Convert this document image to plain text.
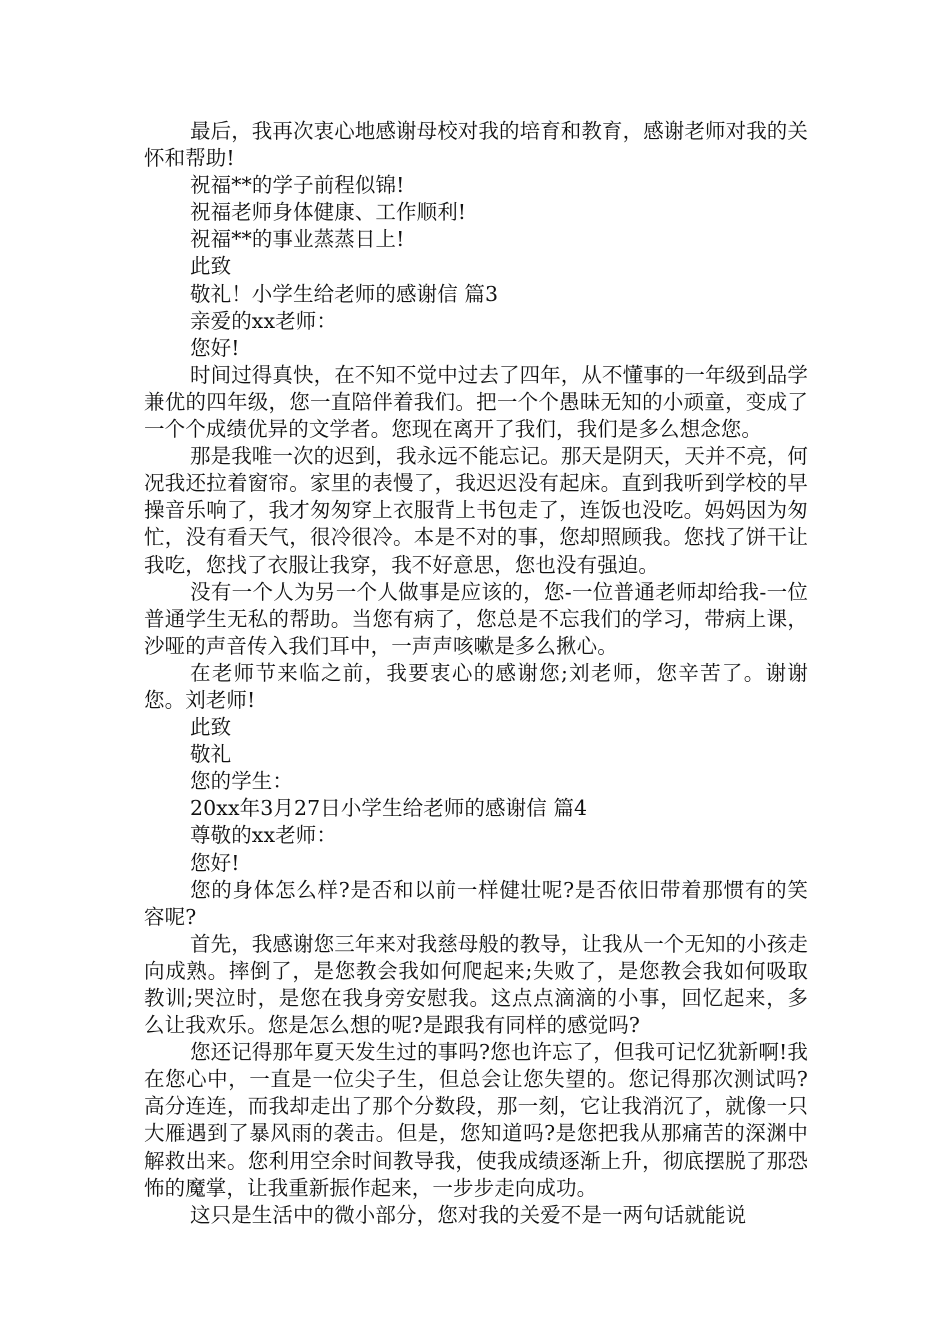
最后，我再次衷心地感谢母校对我的培育和教育，感谢老师对我的关怀和帮助!

祝福**的学子前程似锦!

祝福老师身体健康、工作顺利!

祝福**的事业蒸蒸日上!

此致

敬礼！小学生给老师的感谢信 篇3

亲爱的xx老师：

您好!

时间过得真快，在不知不觉中过去了四年，从不懂事的一年级到品学兼优的四年级，您一直陪伴着我们。把一个个愚昧无知的小顽童，变成了一个个成绩优异的文学者。您现在离开了我们，我们是多么想念您。

那是我唯一次的迟到，我永远不能忘记。那天是阴天，天并不亮，何况我还拉着窗帘。家里的表慢了，我迟迟没有起床。直到我听到学校的早操音乐响了，我才匆匆穿上衣服背上书包走了，连饭也没吃。妈妈因为匆忙，没有看天气，很冷很冷。本是不对的事，您却照顾我。您找了饼干让我吃，您找了衣服让我穿，我不好意思，您也没有强迫。

没有一个人为另一个人做事是应该的，您-一位普通老师却给我-一位普通学生无私的帮助。当您有病了，您总是不忘我们的学习，带病上课，沙哑的声音传入我们耳中，一声声咳嗽是多么揪心。

在老师节来临之前，我要衷心的感谢您;刘老师，您辛苦了。谢谢您。刘老师!

此致

敬礼

您的学生：

20xx年3月27日小学生给老师的感谢信 篇4

尊敬的xx老师：

您好!

您的身体怎么样?是否和以前一样健壮呢?是否依旧带着那惯有的笑容呢?

首先，我感谢您三年来对我慈母般的教导，让我从一个无知的小孩走向成熟。摔倒了，是您教会我如何爬起来;失败了，是您教会我如何吸取教训;哭泣时，是您在我身旁安慰我。这点点滴滴的小事，回忆起来，多么让我欢乐。您是怎么想的呢?是跟我有同样的感觉吗?

您还记得那年夏天发生过的事吗?您也许忘了，但我可记忆犹新啊!我在您心中，一直是一位尖子生，但总会让您失望的。您记得那次测试吗?高分连连，而我却走出了那个分数段，那一刻，它让我消沉了，就像一只大雁遇到了暴风雨的袭击。但是，您知道吗?是您把我从那痛苦的深渊中解救出来。您利用空余时间教导我，使我成绩逐渐上升，彻底摆脱了那恐怖的魔掌，让我重新振作起来，一步步走向成功。

这只是生活中的微小部分，您对我的关爱不是一两句话就能说
